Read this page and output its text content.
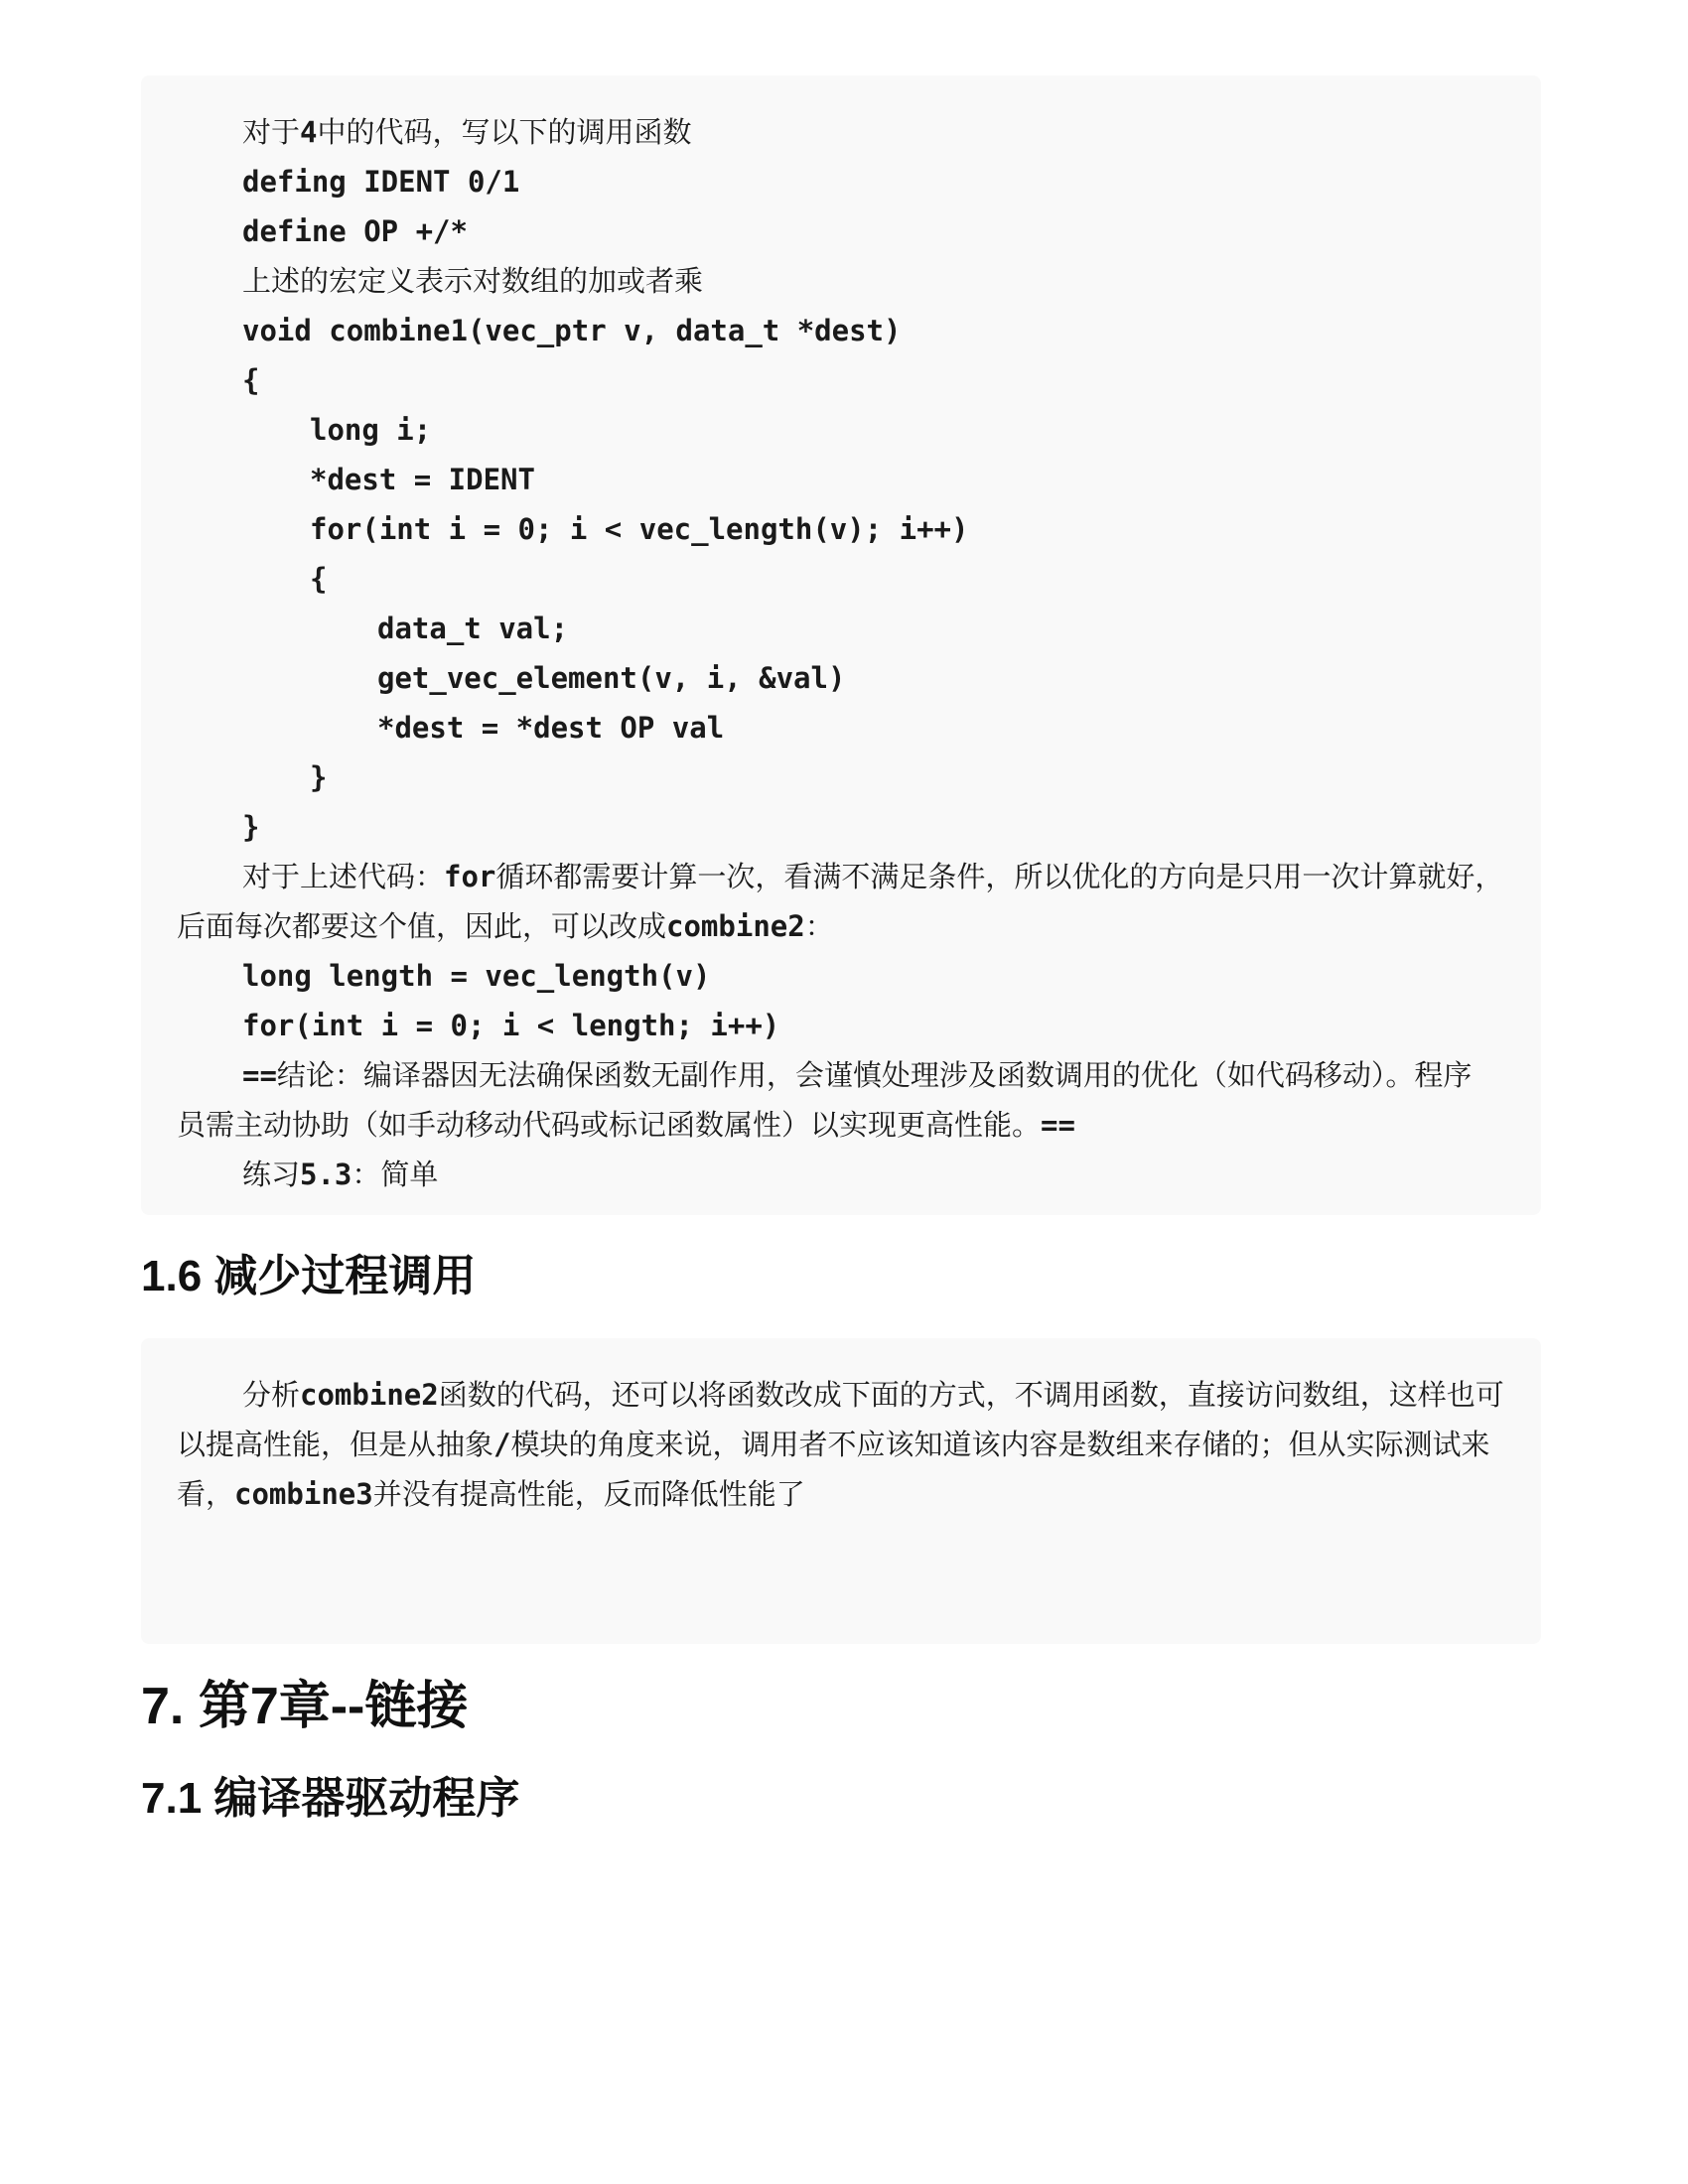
对于4中的代码，写以下的调用函数
defing IDENT 0/1
define OP +/*
上述的宏定义表示对数组的加或者乘
void combine1(vec_ptr v, data_t *dest)
{
long i;
*dest = IDENT
for(int i = 0; i < vec_length(v); i++)
{
data_t val;
get_vec_element(v, i, &val)
*dest = *dest OP val
}
}
对于上述代码：for循环都需要计算一次，看满不满足条件，所以优化的方向是只用一次计算就好，
后面每次都要这个值，因此，可以改成combine2：
long length = vec_length(v)
for(int i = 0; i < length; i++)
==结论：编译器因无法确保函数无副作用，会谨慎处理涉及函数调用的优化（如代码移动）。程序
员需主动协助（如手动移动代码或标记函数属性）以实现更高性能。==
练习5.3：简单
1.6 减少过程调用
分析combine2函数的代码，还可以将函数改成下面的方式，不调用函数，直接访问数组，这样也可
以提高性能，但是从抽象/模块的角度来说，调用者不应该知道该内容是数组来存储的；但从实际测试来
看，combine3并没有提高性能，反而降低性能了
7. 第7章--链接
7.1 编译器驱动程序
